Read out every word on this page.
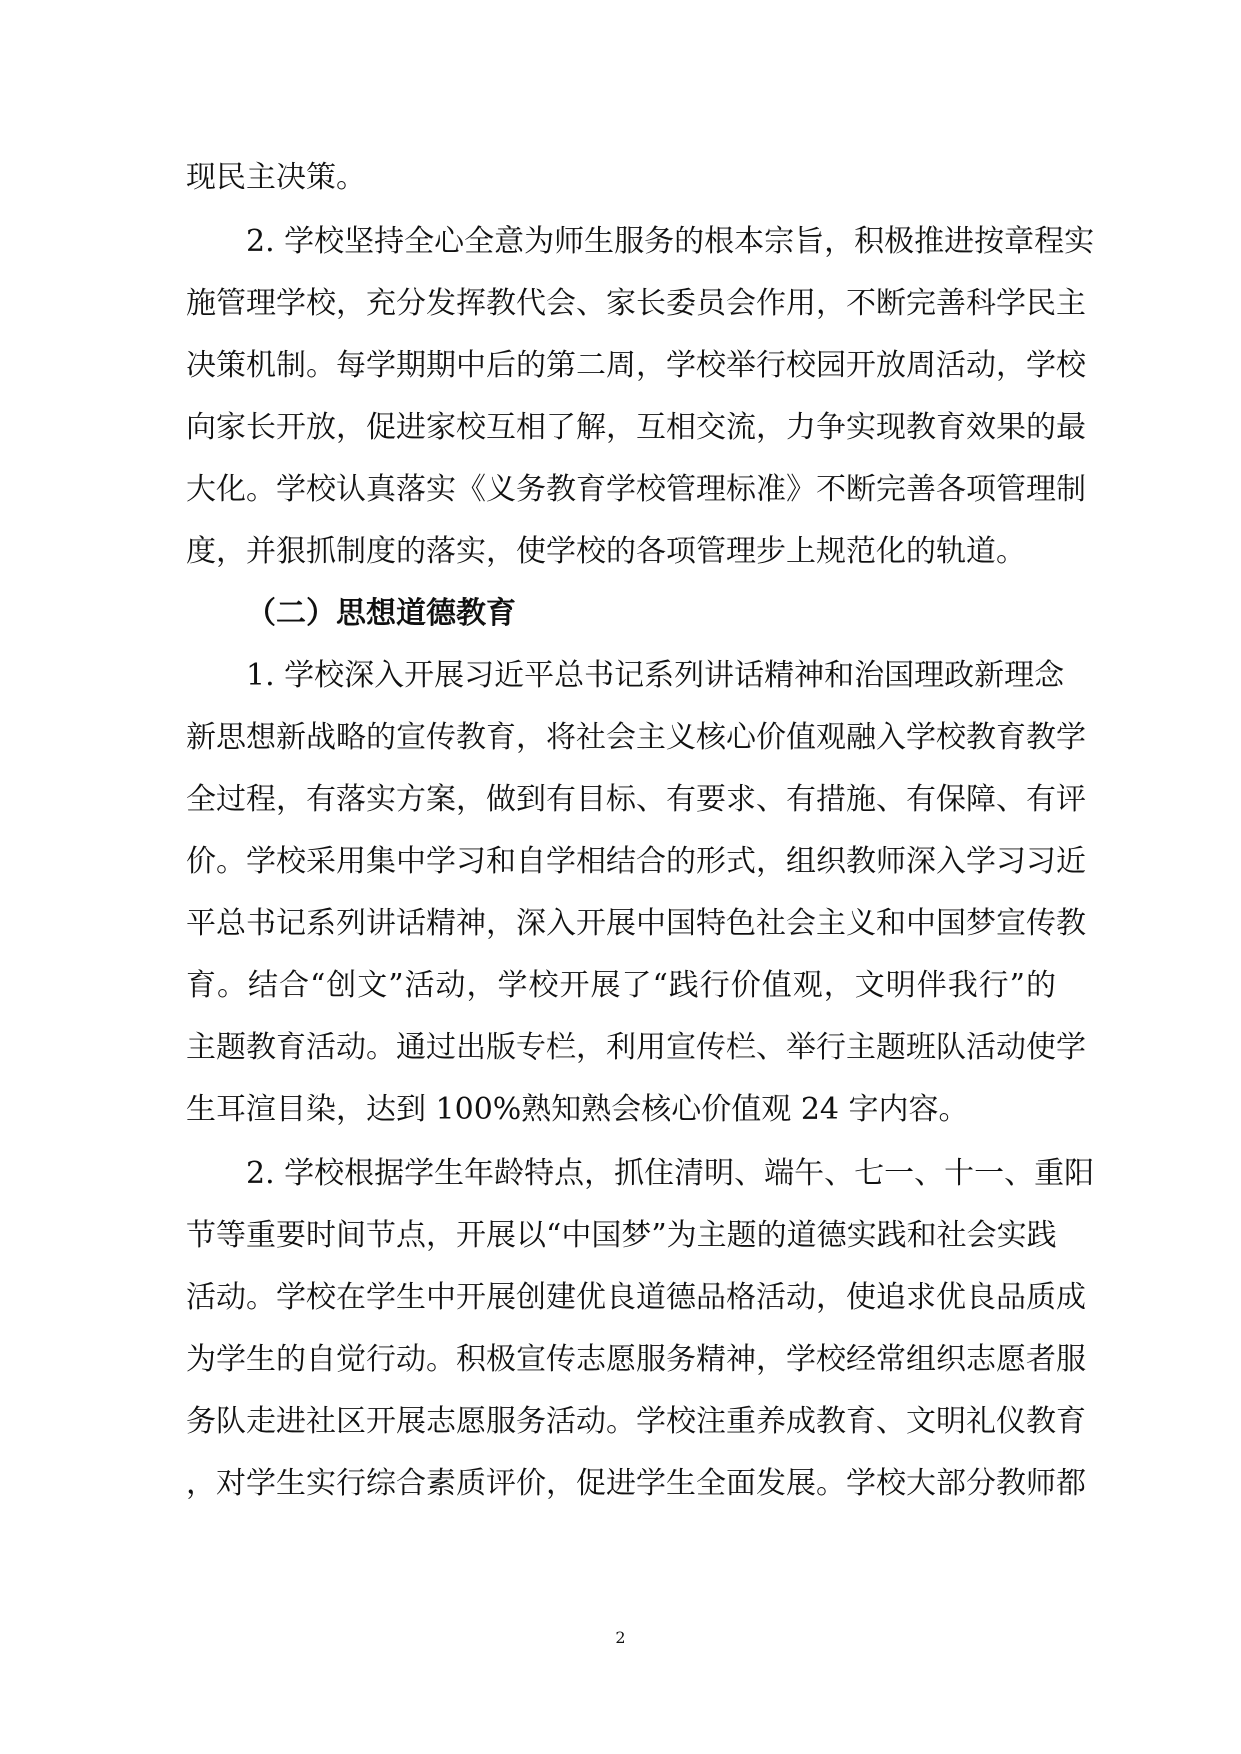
现民主决策。

2. 学校坚持全心全意为师生服务的根本宗旨，积极推进按章程实

施管理学校，充分发挥教代会、家长委员会作用，不断完善科学民主

决策机制。每学期期中后的第二周，学校举行校园开放周活动，学校

向家长开放，促进家校互相了解，互相交流，力争实现教育效果的最

大化。学校认真落实《义务教育学校管理标准》不断完善各项管理制

度，并狠抓制度的落实，使学校的各项管理步上规范化的轨道。

（二）思想道德教育

1. 学校深入开展习近平总书记系列讲话精神和治国理政新理念

新思想新战略的宣传教育，将社会主义核心价值观融入学校教育教学

全过程，有落实方案，做到有目标、有要求、有措施、有保障、有评

价。学校采用集中学习和自学相结合的形式，组织教师深入学习习近

平总书记系列讲话精神，深入开展中国特色社会主义和中国梦宣传教

育。结合“创文”活动，学校开展了“践行价值观，文明伴我行”的

主题教育活动。通过出版专栏，利用宣传栏、举行主题班队活动使学

生耳渲目染，达到 100%熟知熟会核心价值观 24 字内容。

2. 学校根据学生年龄特点，抓住清明、端午、七一、十一、重阳

节等重要时间节点，开展以“中国梦”为主题的道德实践和社会实践

活动。学校在学生中开展创建优良道德品格活动，使追求优良品质成

为学生的自觉行动。积极宣传志愿服务精神，学校经常组织志愿者服

务队走进社区开展志愿服务活动。学校注重养成教育、文明礼仪教育

，对学生实行综合素质评价，促进学生全面发展。学校大部分教师都

2
